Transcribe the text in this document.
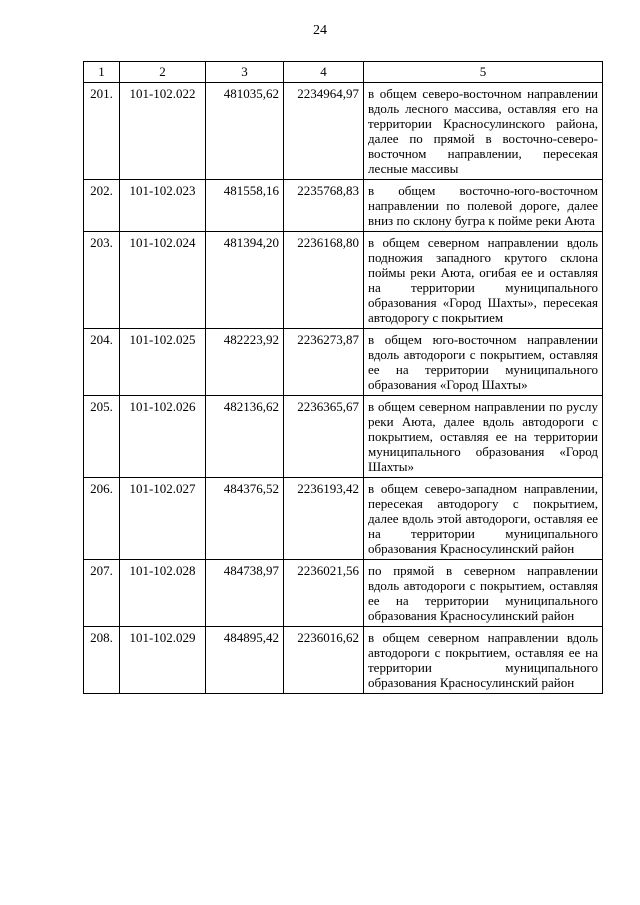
24
1	2	3	4	5
201.	101-102.022	481035,62	2234964,97	в общем северо-восточном направлении вдоль лесного массива, оставляя его на территории Красносулинского района, далее по прямой в восточно-северо-восточном направлении, пересекая лесные массивы
202.	101-102.023	481558,16	2235768,83	в общем восточно-юго-восточном направлении по полевой дороге, далее вниз по склону бугра к пойме реки Аюта
203.	101-102.024	481394,20	2236168,80	в общем северном направлении вдоль подножия западного крутого склона поймы реки Аюта, огибая ее и оставляя на территории муниципального образования «Город Шахты», пересекая автодорогу с покрытием
204.	101-102.025	482223,92	2236273,87	в общем юго-восточном направлении вдоль автодороги с покрытием, оставляя ее на территории муниципального образования «Город Шахты»
205.	101-102.026	482136,62	2236365,67	в общем северном направлении по руслу реки Аюта, далее вдоль автодороги с покрытием, оставляя ее на территории муниципального образования «Город Шахты»
206.	101-102.027	484376,52	2236193,42	в общем северо-западном направлении, пересекая автодорогу с покрытием, далее вдоль этой автодороги, оставляя ее на территории муниципального образования Красносулинский район
207.	101-102.028	484738,97	2236021,56	по прямой в северном направлении вдоль автодороги с покрытием, оставляя ее на территории муниципального образования Красносулинский район
208.	101-102.029	484895,42	2236016,62	в общем северном направлении вдоль автодороги с покрытием, оставляя ее на территории муниципального образования Красносулинский район
